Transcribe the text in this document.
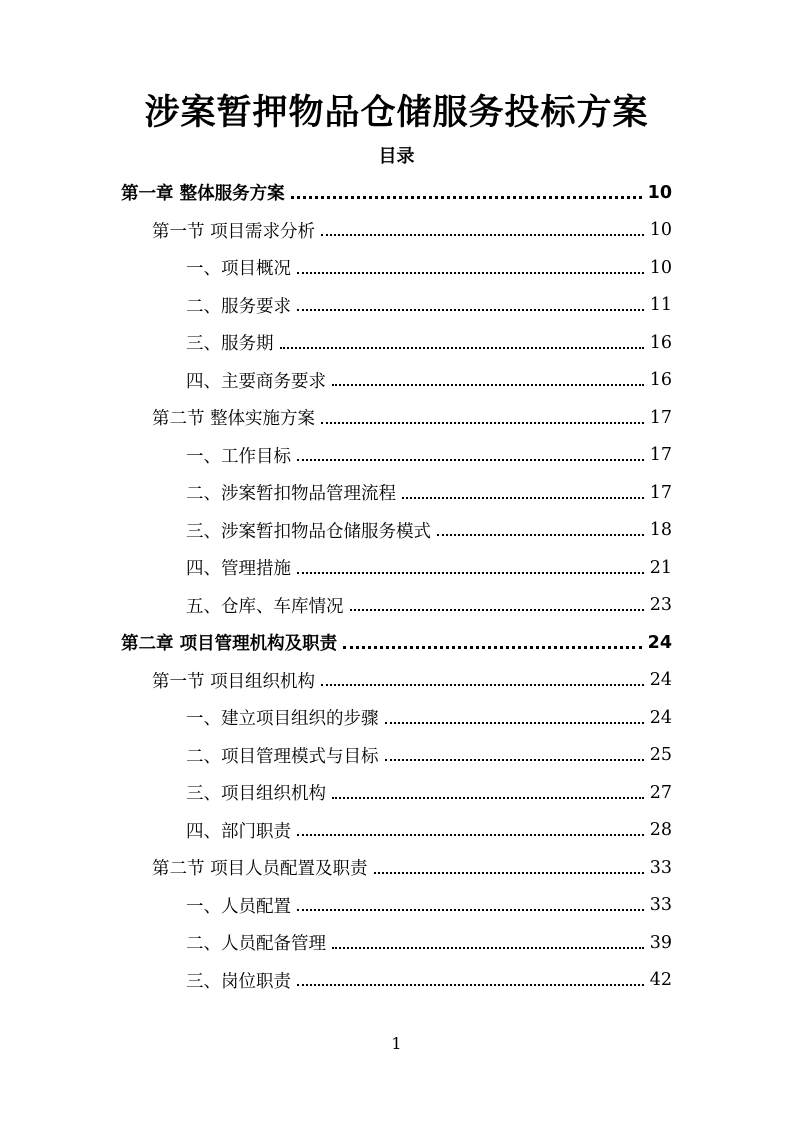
涉案暂押物品仓储服务投标方案
目录
第一章 整体服务方案	10
第一节 项目需求分析	10
一、项目概况	10
二、服务要求	11
三、服务期	16
四、主要商务要求	16
第二节 整体实施方案	17
一、工作目标	17
二、涉案暂扣物品管理流程	17
三、涉案暂扣物品仓储服务模式	18
四、管理措施	21
五、仓库、车库情况	23
第二章 项目管理机构及职责	24
第一节 项目组织机构	24
一、建立项目组织的步骤	24
二、项目管理模式与目标	25
三、项目组织机构	27
四、部门职责	28
第二节 项目人员配置及职责	33
一、人员配置	33
二、人员配备管理	39
三、岗位职责	42
1
